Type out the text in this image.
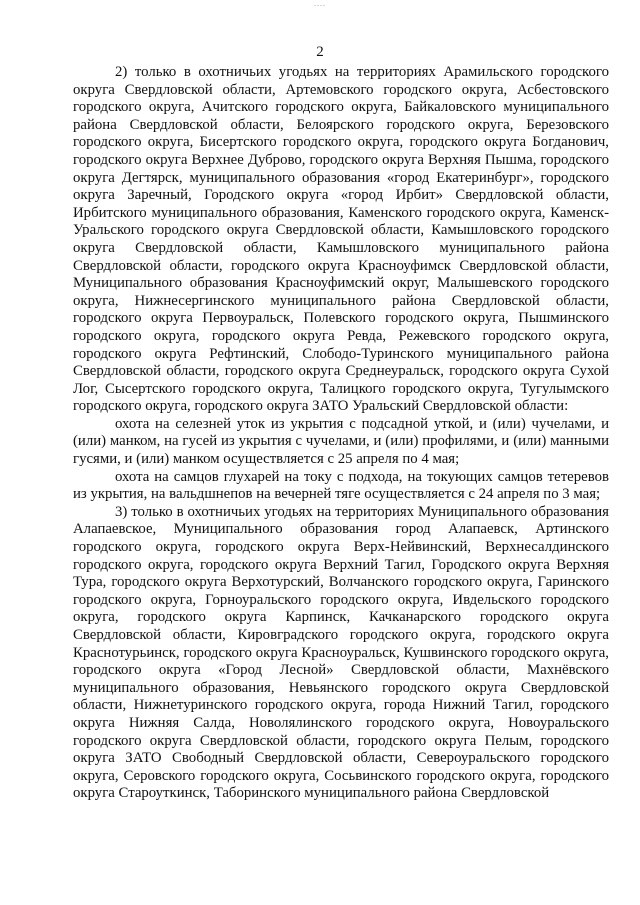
....
2

2) только в охотничьих угодьях на территориях Арамильского городского округа Свердловской области, Артемовского городского округа, Асбестовского городского округа, Ачитского городского округа, Байкаловского муниципального района Свердловской области, Белоярского городского округа, Березовского городского округа, Бисертского городского округа, городского округа Богданович, городского округа Верхнее Дуброво, городского округа Верхняя Пышма, городского округа Дегтярск, муниципального образования «город Екатеринбург», городского округа Заречный, Городского округа «город Ирбит» Свердловской области, Ирбитского муниципального образования, Каменского городского округа, Каменск-Уральского городского округа Свердловской области, Камышловского городского округа Свердловской области, Камышловского муниципального района Свердловской области, городского округа Красноуфимск Свердловской области, Муниципального образования Красноуфимский округ, Малышевского городского округа, Нижнесергинского муниципального района Свердловской области, городского округа Первоуральск, Полевского городского округа, Пышминского городского округа, городского округа Ревда, Режевского городского округа, городского округа Рефтинский, Слободо-Туринского муниципального района Свердловской области, городского округа Среднеуральск, городского округа Сухой Лог, Сысертского городского округа, Талицкого городского округа, Тугулымского городского округа, городского округа ЗАТО Уральский Свердловской области:

охота на селезней уток из укрытия с подсадной уткой, и (или) чучелами, и (или) манком, на гусей из укрытия с чучелами, и (или) профилями, и (или) манными гусями, и (или) манком осуществляется с 25 апреля по 4 мая;

охота на самцов глухарей на току с подхода, на токующих самцов тетеревов из укрытия, на вальдшнепов на вечерней тяге осуществляется с 24 апреля по 3 мая;

3) только в охотничьих угодьях на территориях Муниципального образования Алапаевское, Муниципального образования город Алапаевск, Артинского городского округа, городского округа Верх-Нейвинский, Верхнесалдинского городского округа, городского округа Верхний Тагил, Городского округа Верхняя Тура, городского округа Верхотурский, Волчанского городского округа, Гаринского городского округа, Горноуральского городского округа, Ивдельского городского округа, городского округа Карпинск, Качканарского городского округа Свердловской области, Кировградского городского округа, городского округа Краснотурьинск, городского округа Красноуральск, Кушвинского городского округа, городского округа «Город Лесной» Свердловской области, Махнёвского муниципального образования, Невьянского городского округа Свердловской области, Нижнетуринского городского округа, города Нижний Тагил, городского округа Нижняя Салда, Новолялинского городского округа, Новоуральского городского округа Свердловской области, городского округа Пелым, городского округа ЗАТО Свободный Свердловской области, Североуральского городского округа, Серовского городского округа, Сосьвинского городского округа, городского округа Староуткинск, Таборинского муниципального района Свердловской
